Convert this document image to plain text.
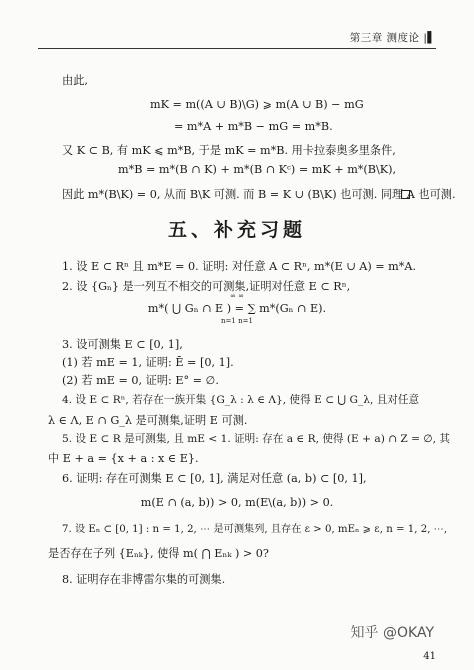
第三章 测度论 |▌
由此,
mK = m((A ∪ B)\G) ⩾ m(A ∪ B) − mG
= m*A + m*B − mG = m*B.
又 K ⊂ B, 有 mK ⩽ m*B, 于是 mK = m*B. 用卡拉泰奥多里条件,
m*B = m*(B ∩ K) + m*(B ∩ Kᶜ) = mK + m*(B\K),
因此 m*(B\K) = 0, 从而 B\K 可测. 而 B = K ∪ (B\K) 也可测. 同理 A 也可测.
五、补充习题
1. 设 E ⊂ Rⁿ 且 m*E = 0. 证明: 对任意 A ⊂ Rⁿ, m*(E ∪ A) = m*A.
2. 设 {Gₙ} 是一列互不相交的可测集,证明对任意 E ⊂ Rⁿ,
∞ ∞
m*( ⋃ Gₙ ∩ E ) = ∑ m*(Gₙ ∩ E).
n=1 n=1
3. 设可测集 E ⊂ [0, 1],
(1) 若 mE = 1, 证明: Ē = [0, 1].
(2) 若 mE = 0, 证明: E° = ∅.
4. 设 E ⊂ Rⁿ, 若存在一族开集 {G_λ : λ ∈ Λ}, 使得 E ⊂ ⋃ G_λ, 且对任意
λ ∈ Λ, E ∩ G_λ 是可测集,证明 E 可测.
5. 设 E ⊂ R 是可测集, 且 mE < 1. 证明: 存在 a ∈ R, 使得 (E + a) ∩ Z = ∅, 其
中 E + a = {x + a : x ∈ E}.
6. 证明: 存在可测集 E ⊂ [0, 1], 满足对任意 (a, b) ⊂ [0, 1],
m(E ∩ (a, b)) > 0, m(E\(a, b)) > 0.
7. 设 Eₙ ⊂ [0, 1] : n = 1, 2, ⋯ 是可测集列, 且存在 ε > 0, mEₙ ⩾ ε, n = 1, 2, ⋯,
是否存在子列 {Eₙₖ}, 使得 m( ⋂ Eₙₖ ) > 0?
8. 证明存在非博雷尔集的可测集.
知乎 @OKAY
41
